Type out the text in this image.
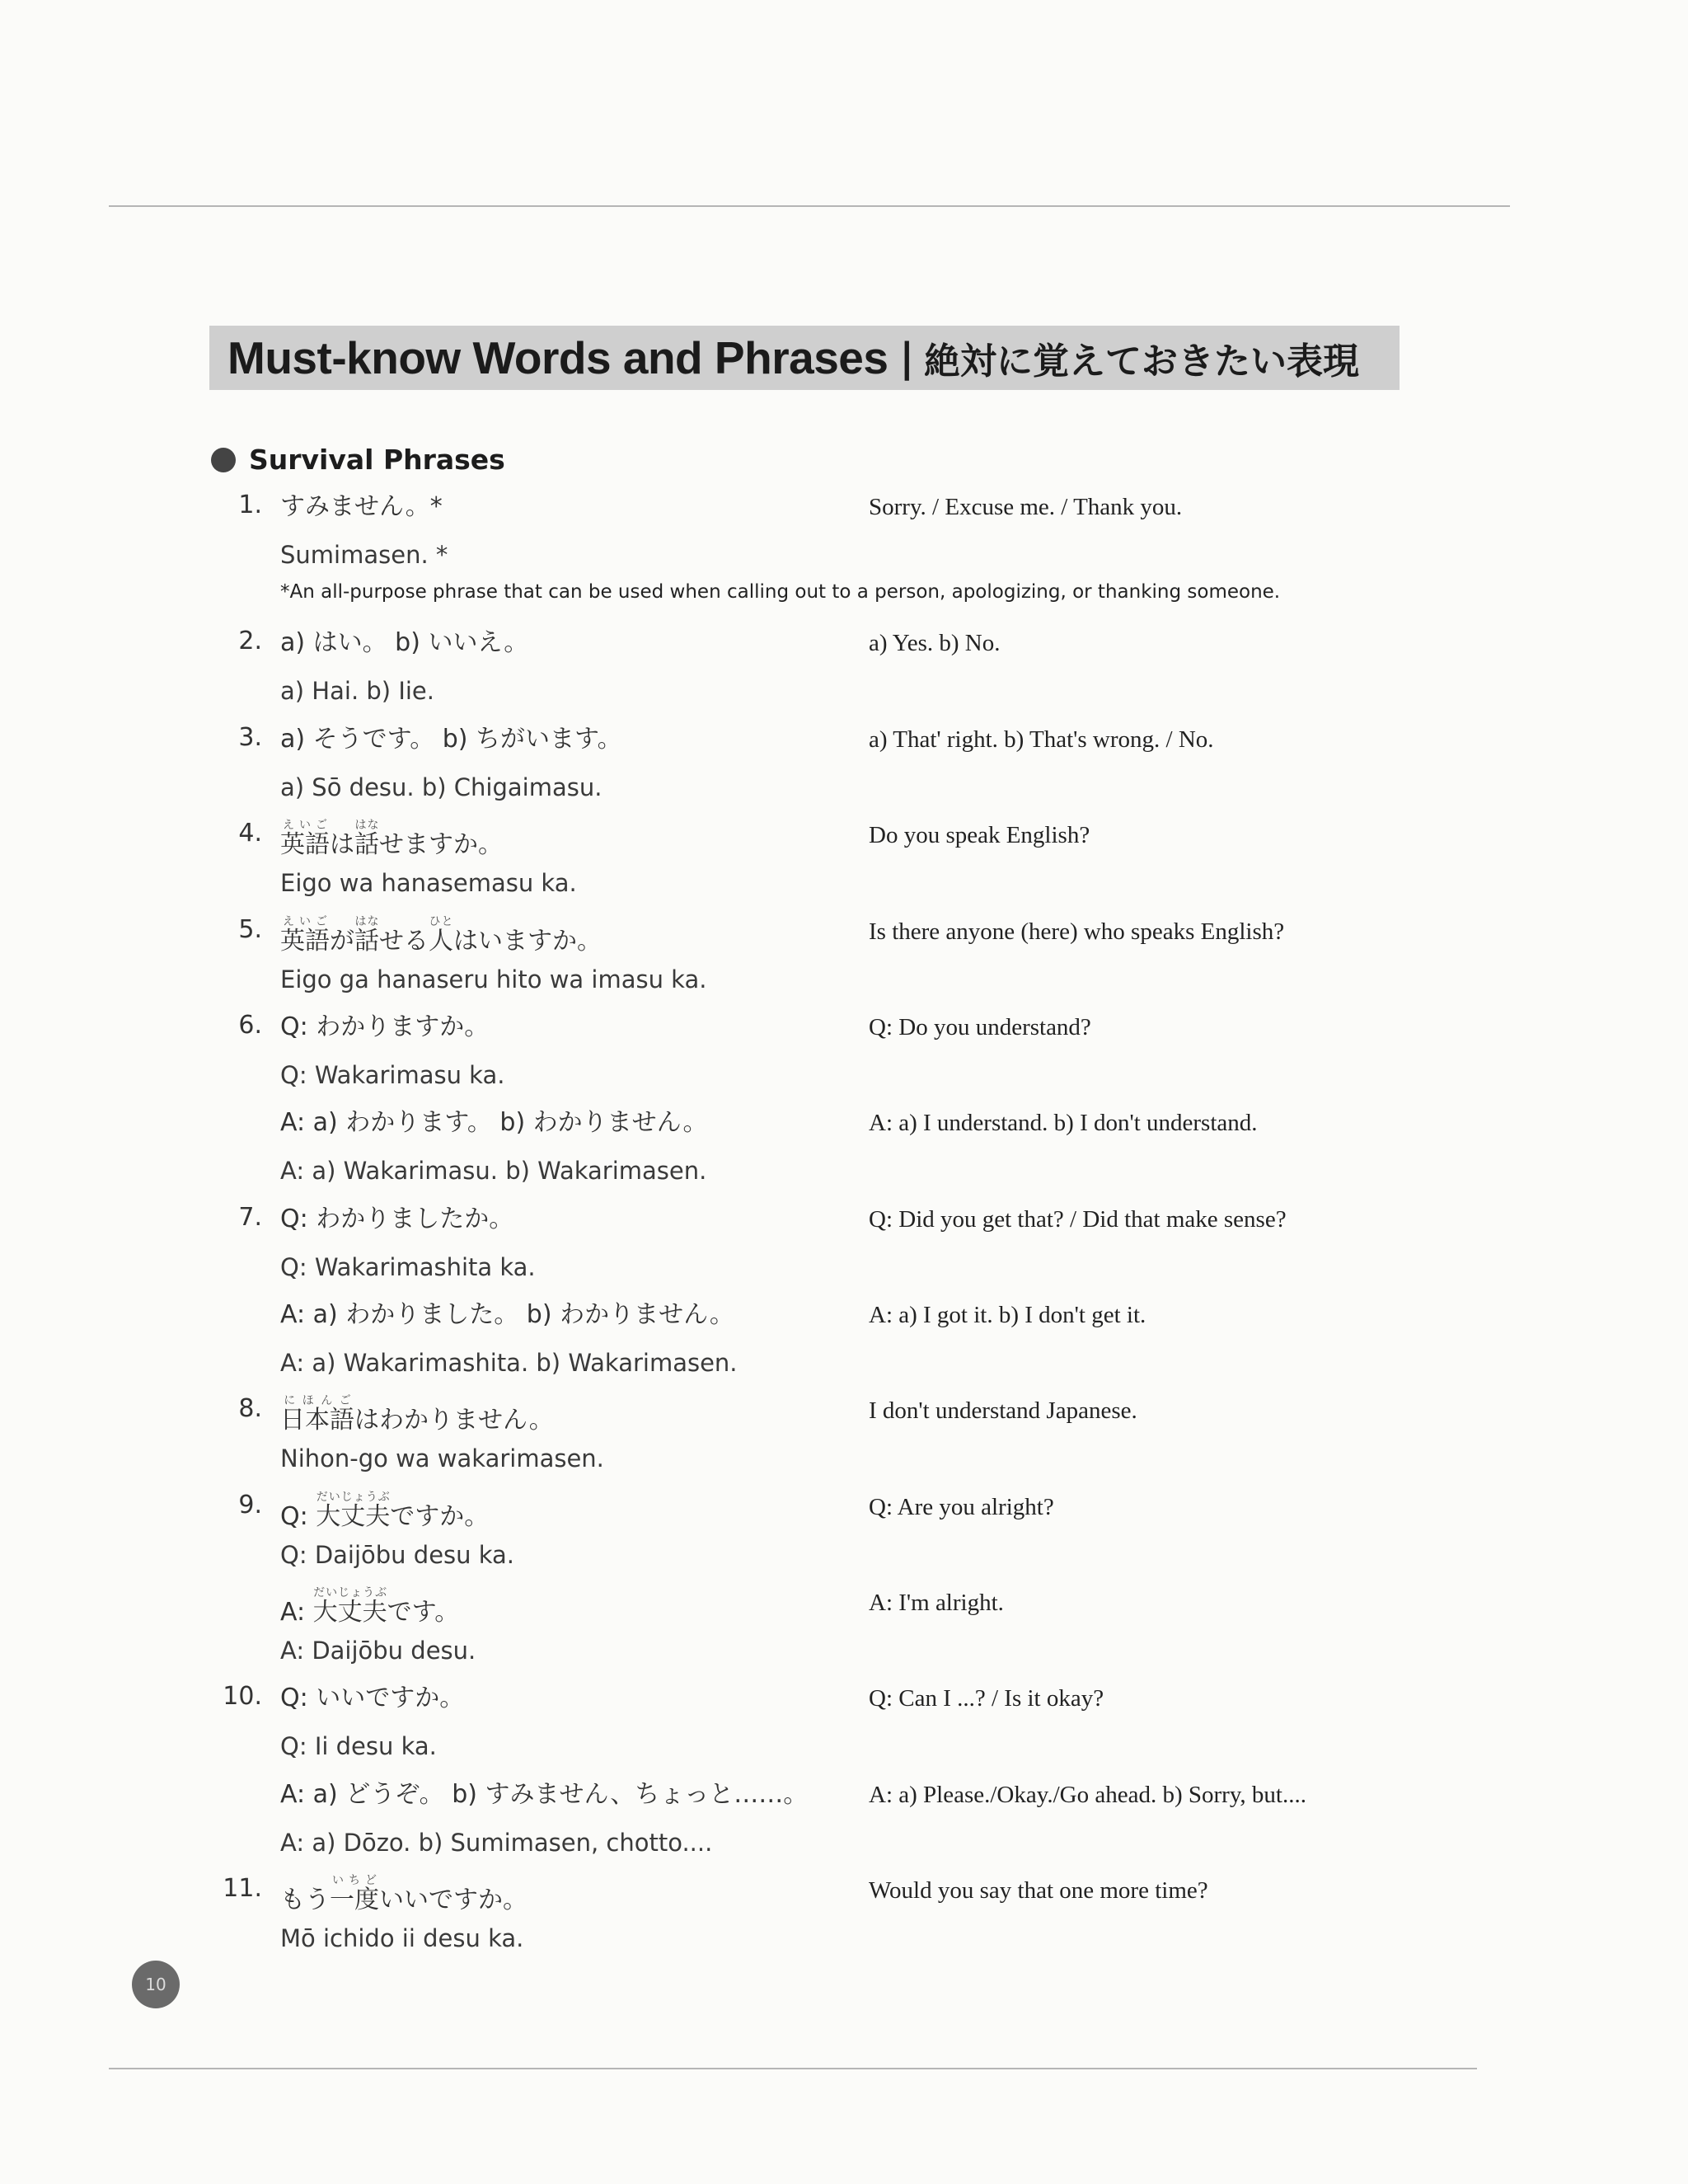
Must-know Words and Phrases | 絶対に覚えておきたい表現
Survival Phrases
1. すみません。*
Sumimasen. *
*An all-purpose phrase that can be used when calling out to a person, apologizing, or thanking someone.
Sorry. / Excuse me. / Thank you.
2. a) はい。 b) いいえ。
a) Hai. b) Iie.
a) Yes. b) No.
3. a) そうです。 b) ちがいます。
a) Sō desu. b) Chigaimasu.
a) That' right. b) That's wrong. / No.
4. 英語えいごは話はなせますか。
Eigo wa hanasemasu ka.
Do you speak English?
5. 英語えいごが話はなせる人ひとはいますか。
Eigo ga hanaseru hito wa imasu ka.
Is there anyone (here) who speaks English?
6. Q: わかりますか。
Q: Wakarimasu ka.
Q: Do you understand?
A: a) わかります。 b) わかりません。
A: a) Wakarimasu. b) Wakarimasen.
A: a) I understand. b) I don't understand.
7. Q: わかりましたか。
Q: Wakarimashita ka.
Q: Did you get that? / Did that make sense?
A: a) わかりました。 b) わかりません。
A: a) Wakarimashita. b) Wakarimasen.
A: a) I got it. b) I don't get it.
8. 日本語にほんごはわかりません。
Nihon-go wa wakarimasen.
I don't understand Japanese.
9. Q: 大丈夫だいじょうぶですか。
Q: Daijōbu desu ka.
Q: Are you alright?
A: 大丈夫だいじょうぶです。
A: Daijōbu desu.
A: I'm alright.
10. Q: いいですか。
Q: Ii desu ka.
Q: Can I ...? / Is it okay?
A: a) どうぞ。 b) すみません、ちょっと……。
A: a) Dōzo. b) Sumimasen, chotto....
A: a) Please./Okay./Go ahead. b) Sorry, but....
11. もう一度いちどいいですか。
Mō ichido ii desu ka.
Would you say that one more time?
10
